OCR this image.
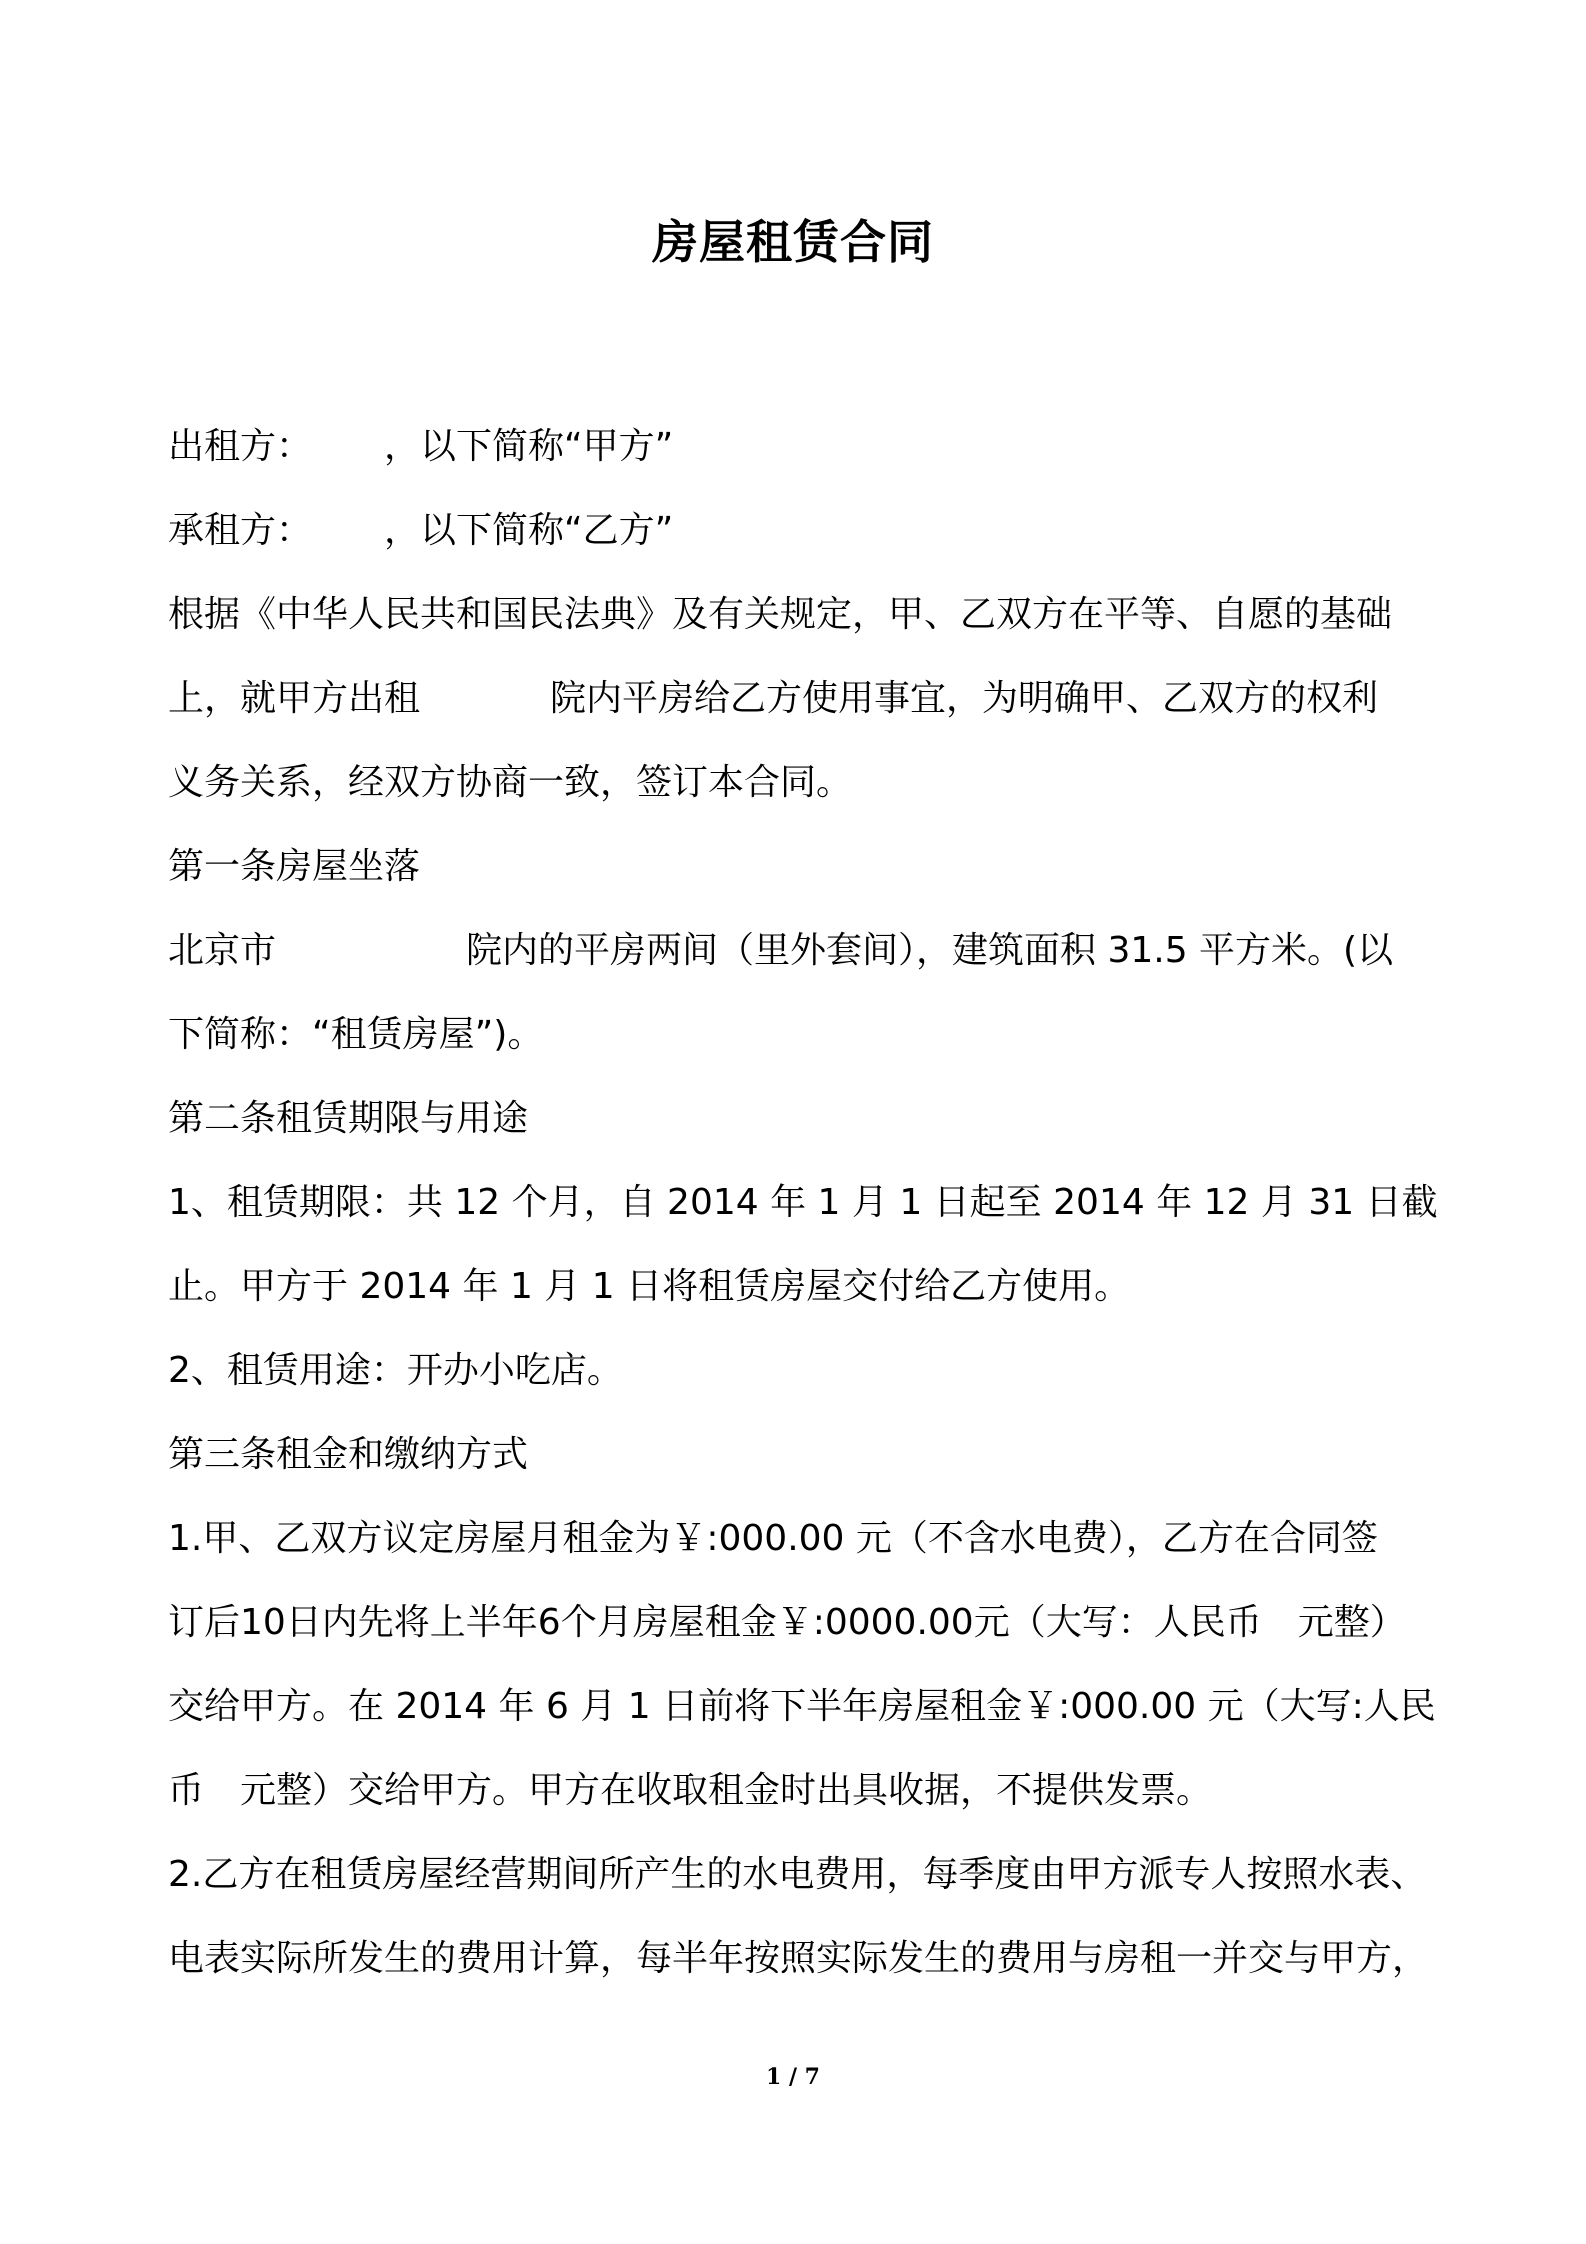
房屋租赁合同
出租方： ，以下简称“甲方”
承租方： ，以下简称“乙方”
根据《中华人民共和国民法典》及有关规定，甲、乙双方在平等、自愿的基础
上，就甲方出租	院内平房给乙方使用事宜，为明确甲、乙双方的权利
义务关系，经双方协商一致，签订本合同。
第一条房屋坐落
北京市	院内的平房两间（里外套间），建筑面积 31.5 平方米。(以
下简称：“租赁房屋”)。
第二条租赁期限与用途
1、租赁期限：共 12 个月，自 2014 年 1 月 1 日起至 2014 年 12 月 31 日截
止。甲方于 2014 年 1 月 1 日将租赁房屋交付给乙方使用。
2、租赁用途：开办小吃店。
第三条租金和缴纳方式
1.甲、乙双方议定房屋月租金为￥:000.00 元（不含水电费），乙方在合同签
订后10日内先将上半年6个月房屋租金￥:0000.00元（大写：人民币 元整）
交给甲方。在 2014 年 6 月 1 日前将下半年房屋租金￥:000.00 元（大写:人民
币 元整）交给甲方。甲方在收取租金时出具收据，不提供发票。
2.乙方在租赁房屋经营期间所产生的水电费用，每季度由甲方派专人按照水表、
电表实际所发生的费用计算，每半年按照实际发生的费用与房租一并交与甲方，
1 / 7
